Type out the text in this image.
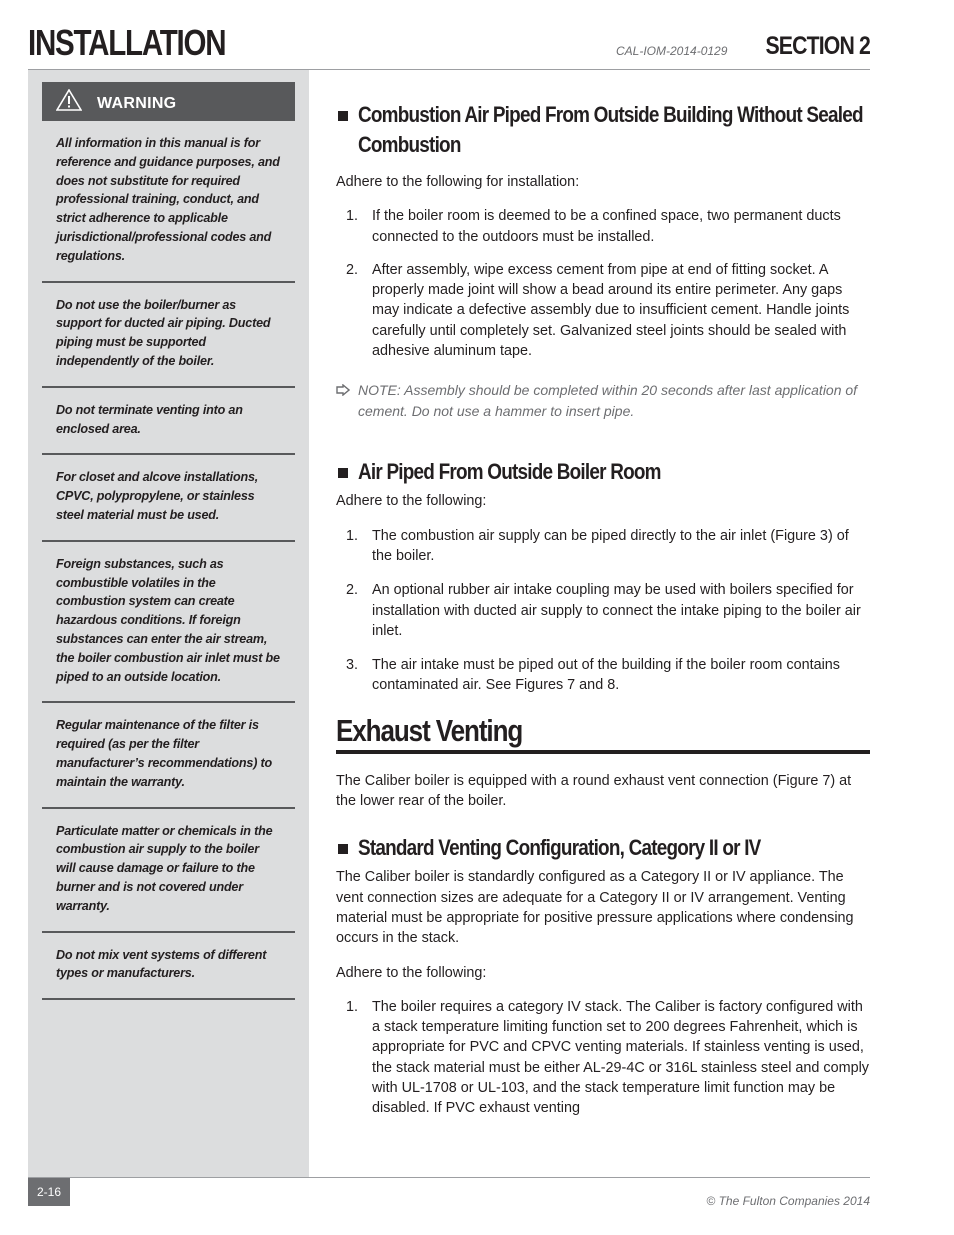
INSTALLATION	CAL-IOM-2014-0129 SECTION 2
WARNING
All information in this manual is for reference and guidance purposes, and does not substitute for required professional training, conduct, and strict adherence to applicable jurisdictional/professional codes and regulations.
Do not use the boiler/burner as support for ducted air piping. Ducted piping must be supported independently of the boiler.
Do not terminate venting into an enclosed area.
For closet and alcove installations, CPVC, polypropylene, or stainless steel material must be used.
Foreign substances, such as combustible volatiles in the combustion system can create hazardous conditions. If foreign substances can enter the air stream, the boiler combustion air inlet must be piped to an outside location.
Regular maintenance of the filter is required (as per the filter manufacturer’s recommendations) to maintain the warranty.
Particulate matter or chemicals in the combustion air supply to the boiler will cause damage or failure to the burner and is not covered under warranty.
Do not mix vent systems of different types or manufacturers.
Combustion Air Piped From Outside Building Without Sealed Combustion

Adhere to the following for installation:

1. If the boiler room is deemed to be a confined space, two permanent ducts connected to the outdoors must be installed.
2. After assembly, wipe excess cement from pipe at end of fitting socket. A properly made joint will show a bead around its entire perimeter. Any gaps may indicate a defective assembly due to insufficient cement. Handle joints carefully until completely set. Galvanized steel joints should be sealed with adhesive aluminum tape.
NOTE: Assembly should be completed within 20 seconds after last application of cement. Do not use a hammer to insert pipe.
Air Piped From Outside Boiler Room

Adhere to the following:

1. The combustion air supply can be piped directly to the air inlet (Figure 3) of the boiler.
2. An optional rubber air intake coupling may be used with boilers specified for installation with ducted air supply to connect the intake piping to the boiler air inlet.
3. The air intake must be piped out of the building if the boiler room contains contaminated air. See Figures 7 and 8.
Exhaust Venting

The Caliber boiler is equipped with a round exhaust vent connection (Figure 7) at the lower rear of the boiler.

Standard Venting Configuration, Category II or IV

The Caliber boiler is standardly configured as a Category II or IV appliance. The vent connection sizes are adequate for a Category II or IV arrangement. Venting material must be appropriate for positive pressure applications where condensing occurs in the stack.

Adhere to the following:

1. The boiler requires a category IV stack. The Caliber is factory configured with a stack temperature limiting function set to 200 degrees Fahrenheit, which is appropriate for PVC and CPVC venting materials. If stainless venting is used, the stack material must be either AL-29-4C or 316L stainless steel and comply with UL-1708 or UL-103, and the stack temperature limit function may be disabled. If PVC exhaust venting
2-16
© The Fulton Companies 2014
